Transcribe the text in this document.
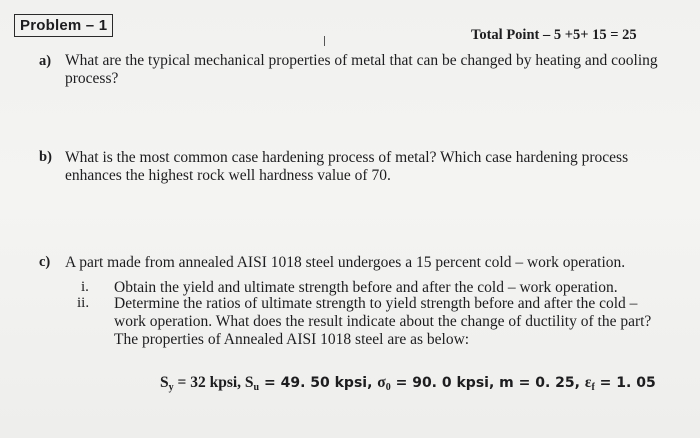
Problem – 1
Total Point – 5 +5+ 15 = 25
a) What are the typical mechanical properties of metal that can be changed by heating and cooling
process?
b) What is the most common case hardening process of metal? Which case hardening process
enhances the highest rock well hardness value of 70.
c) A part made from annealed AISI 1018 steel undergoes a 15 percent cold – work operation.
i. Obtain the yield and ultimate strength before and after the cold – work operation.
ii. Determine the ratios of ultimate strength to yield strength before and after the cold –
work operation. What does the result indicate about the change of ductility of the part?
The properties of Annealed AISI 1018 steel are as below:
$S_y = 32$ kpsi, $S_u = 49$. 50 kpsi, $\sigma_0 = 90$. 0 kpsi, m = 0. 25, $\varepsilon_f = 1$. 05
